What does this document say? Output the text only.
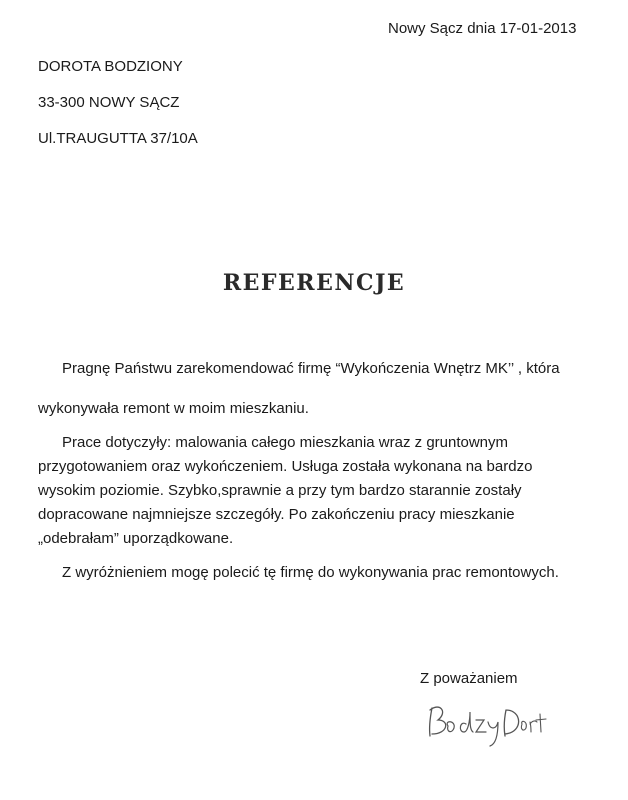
Nowy Sącz dnia 17-01-2013
DOROTA BODZIONY
33-300 NOWY SĄCZ
Ul.TRAUGUTTA 37/10A
REFERENCJE
Pragnę Państwu zarekomendować firmę “Wykończenia Wnętrz MK’’ , która
wykonywała remont w moim mieszkaniu.
Prace dotyczyły: malowania całego mieszkania wraz z gruntownym
przygotowaniem oraz wykończeniem. Usługa została wykonana na bardzo
wysokim poziomie. Szybko,sprawnie a przy tym bardzo starannie zostały
dopracowane najmniejsze szczegóły. Po zakończeniu pracy mieszkanie
„odebrałam” uporządkowane.
Z wyróżnieniem mogę polecić tę firmę do wykonywania prac remontowych.
Z poważaniem
